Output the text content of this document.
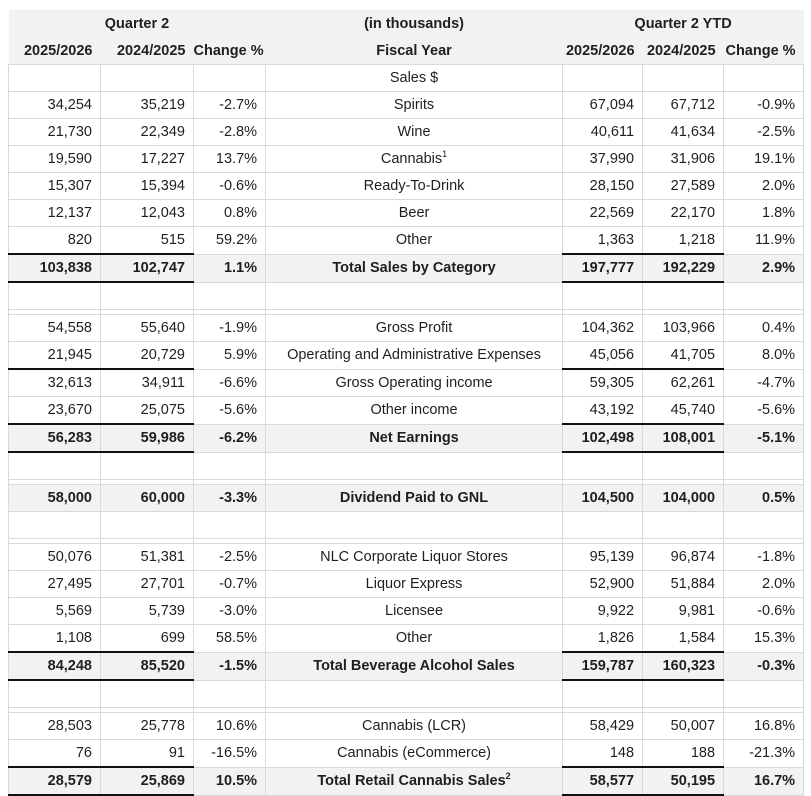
Quarter 2			(in thousands)	Quarter 2 YTD		
2025/2026	2024/2025	Change %	Fiscal Year	2025/2026	2024/2025	Change %
			Sales $			
34,254	35,219	-2.7%	Spirits	67,094	67,712	-0.9%
21,730	22,349	-2.8%	Wine	40,611	41,634	-2.5%
19,590	17,227	13.7%	Cannabis$^1$	37,990	31,906	19.1%
15,307	15,394	-0.6%	Ready-To-Drink	28,150	27,589	2.0%
12,137	12,043	0.8%	Beer	22,569	22,170	1.8%
820	515	59.2%	Other	1,363	1,218	11.9%
103,838	102,747	1.1%	Total Sales by Category	197,777	192,229	2.9%

54,558	55,640	-1.9%	Gross Profit	104,362	103,966	0.4%
21,945	20,729	5.9%	Operating and Administrative Expenses	45,056	41,705	8.0%
32,613	34,911	-6.6%	Gross Operating income	59,305	62,261	-4.7%
23,670	25,075	-5.6%	Other income	43,192	45,740	-5.6%
56,283	59,986	-6.2%	Net Earnings	102,498	108,001	-5.1%

58,000	60,000	-3.3%	Dividend Paid to GNL	104,500	104,000	0.5%

50,076	51,381	-2.5%	NLC Corporate Liquor Stores	95,139	96,874	-1.8%
27,495	27,701	-0.7%	Liquor Express	52,900	51,884	2.0%
5,569	5,739	-3.0%	Licensee	9,922	9,981	-0.6%
1,108	699	58.5%	Other	1,826	1,584	15.3%
84,248	85,520	-1.5%	Total Beverage Alcohol Sales	159,787	160,323	-0.3%

28,503	25,778	10.6%	Cannabis (LCR)	58,429	50,007	16.8%
76	91	-16.5%	Cannabis (eCommerce)	148	188	-21.3%
28,579	25,869	10.5%	Total Retail Cannabis Sales$^2$	58,577	50,195	16.7%
